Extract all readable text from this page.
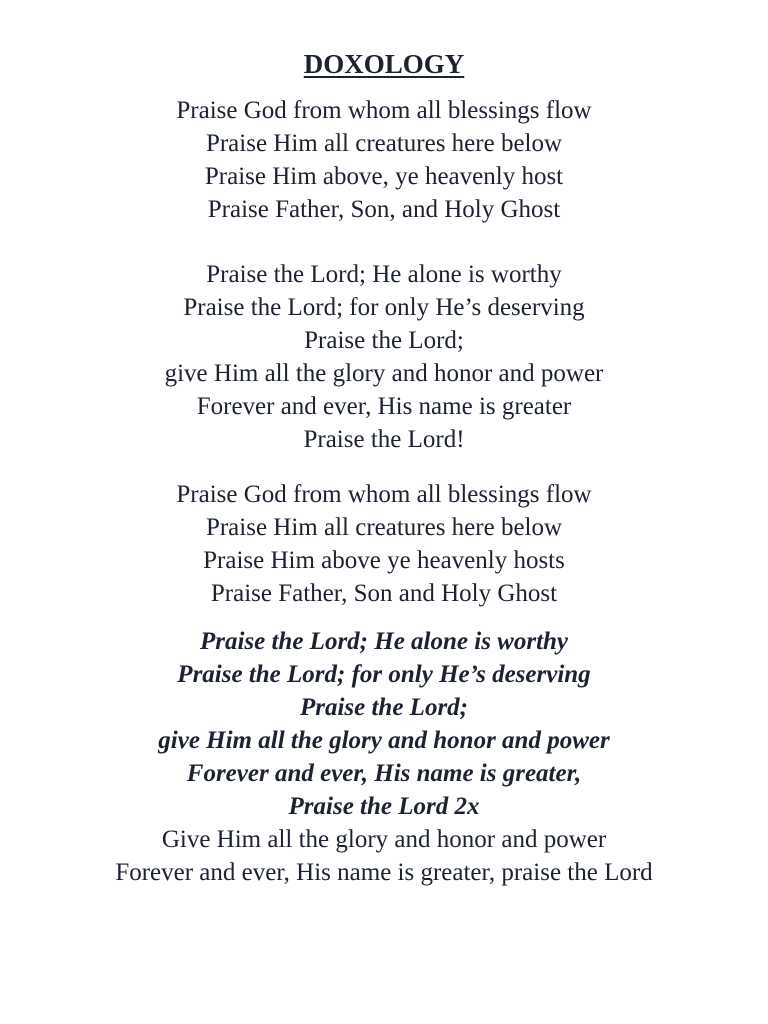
DOXOLOGY
Praise God from whom all blessings flow
Praise Him all creatures here below
Praise Him above, ye heavenly host
Praise Father, Son, and Holy Ghost
Praise the Lord; He alone is worthy
Praise the Lord; for only He’s deserving
Praise the Lord;
give Him all the glory and honor and power
Forever and ever, His name is greater
Praise the Lord!
Praise God from whom all blessings flow
Praise Him all creatures here below
Praise Him above ye heavenly hosts
Praise Father, Son and Holy Ghost
Praise the Lord; He alone is worthy
Praise the Lord; for only He’s deserving
Praise the Lord;
give Him all the glory and honor and power
Forever and ever, His name is greater,
Praise the Lord 2x
Give Him all the glory and honor and power
Forever and ever, His name is greater, praise the Lord
